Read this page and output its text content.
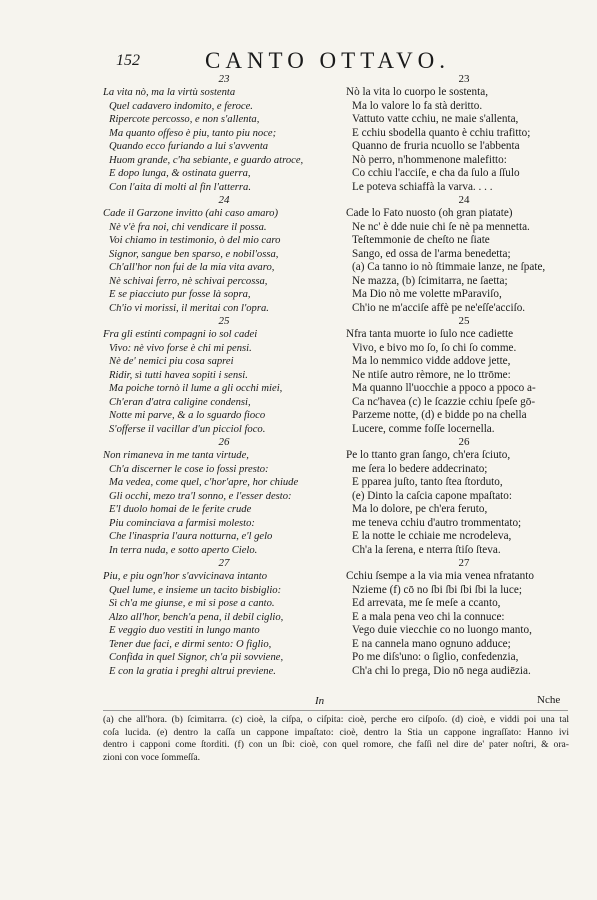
152	CANTO OTTAVO.
23
La vita nò, ma la virtù sostenta
Quel cadavero indomito, e feroce.
Ripercote percosso, e non s'allenta,
Ma quanto offeso è piu, tanto piu noce;
Quando ecco furiando a lui s'avventa
Huom grande, c'ha sebiante, e guardo atroce,
E dopo lunga, & ostinata guerra,
Con l'aita di molti al fin l'atterra.
24
Cade il Garzone invitto (ahi caso amaro)
Nè v'è fra noi, chi vendicare il possa.
Voi chiamo in testimonio, ò del mio caro
Signor, sangue ben sparso, e nobil'ossa,
Ch'all'hor non fui de la mia vita avaro,
Nè schivai ferro, nè schivai percossa,
E se piacciuto pur fosse là sopra,
Ch'io vi morissi, il meritai con l'opra.
25
Fra gli estinti compagni io sol cadei
Vivo: nè vivo forse è chi mi pensi.
Nè de' nemici piu cosa saprei
Ridir, sì tutti havea sopiti i sensi.
Ma poiche tornò il lume a gli occhi miei,
Ch'eran d'atra caligine condensi,
Notte mi parve, & a lo sguardo fioco
S'offerse il vacillar d'un picciol foco.
26
Non rimaneva in me tanta virtude,
Ch'a discerner le cose io fossi presto:
Ma vedea, come quel, c'hor'apre, hor chiude
Gli occhi, mezo tra'l sonno, e l'esser desto:
E'l duolo homai de le ferite crude
Piu cominciava a farmisi molesto:
Che l'inaspria l'aura notturna, e'l gelo
In terra nuda, e sotto aperto Cielo.
27
Piu, e piu ogn'hor s'avvicinava intanto
Quel lume, e insieme un tacito bisbiglio:
Sì ch'a me giunse, e mi si pose a canto.
Alzo all'hor, bench'a pena, il debil ciglio,
E veggio duo vestiti in lungo manto
Tener due faci, e dirmi sento: O figlio,
Confida in quel Signor, ch'a pii sovviene,
E con la gratia i preghi altrui previene.
23
Nò la vita lo cuorpo le sostenta,
Ma lo valore lo fa stà deritto.
Vattuto vatte cchiu, ne maie s'allenta,
E cchiu sbodella quanto è cchiu trafitto;
Quanno de fruria ncuollo se l'abbenta
Nò perro, n'hommenone malefitto:
Co cchiu l'acciſe, e cha da ſulo a ſſulo
Le poteva schiaffà la varva. . . .
24
Cade lo Fato nuosto (oh gran piatate)
Ne nc' è dde nuie chi ſe nè pa mennetta.
Teſtemmonie de cheſto ne ſiate
Sango, ed ossa de l'arma benedetta;
(a) Ca tanno io nò ſtimmaie lanze, ne ſpate,
Ne mazza, (b) ſcimitarra, ne ſaetta;
Ma Dio nò me volette mParaviſo,
Ch'io ne m'acciſe affè pe ne'eſſe'acciſo.
25
Nfra tanta muorte io ſulo nce cadiette
Vivo, e bivo mo ſo, ſo chi ſo comme.
Ma lo nemmico vidde addove jette,
Ne ntiſe autro rèmore, ne lo ttrōme:
Ma quanno ll'uocchie a ppoco a ppoco a-
Ca nc'havea (c) le ſcazzie cchiu ſpeſe gō-
Parzeme notte, (d) e bidde po na chella
Lucere, comme foſſe locernella.
26
Pe lo ttanto gran ſango, ch'era ſciuto,
me ſera lo bedere addecrinato;
E pparea juſto, tanto ſtea ſtorduto,
(e) Dinto la caſcia capone mpaſtato:
Ma lo dolore, pe ch'era feruto,
me teneva cchiu d'autro trommentato;
E la notte le cchiaie me ncrodeleva,
Ch'a la ſerena, e nterra ſtiſo ſteva.
27
Cchiu ſsempe a la via mia venea nfratanto
Nzieme (f) cō no ſbi ſbi ſbi ſbi la luce;
Ed arrevata, me ſe meſe a ccanto,
E a mala pena veo chi la connuce:
Vego duie viecchie co no luongo manto,
E na cannela mano ognuno adduce;
Po me diſs'uno: o ſiglio, confedenzia,
Ch'a chi lo prega, Dio nō nega audiēzia.
In	Nche
(a) che all'hora. (b) ſcimitarra. (c) cioè, la ciſpa, o ciſpita: cioè, perche ero ciſpoſo. (d) cioè, e viddi poi una tal
coſa lucida. (e) dentro la caſſa un cappone impaſtato: cioè, dentro la Stia un cappone ingraſſato: Hanno ivi
dentro i capponi come ſtorditi. (f) con un ſbi: cioè, con quel romore, che faſſi nel dire de' pater noſtri, & ora-
zioni con voce ſommeſſa.
